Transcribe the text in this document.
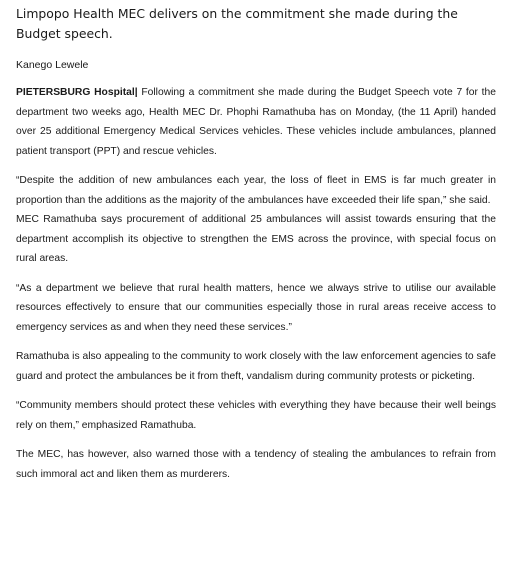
Limpopo Health MEC delivers on the commitment she made during the Budget speech.

Kanego Lewele

PIETERSBURG Hospital| Following a commitment she made during the Budget Speech vote 7 for the department two weeks ago, Health MEC Dr. Phophi Ramathuba has on Monday, (the 11 April) handed over 25 additional Emergency Medical Services vehicles. These vehicles include ambulances, planned patient transport (PPT) and rescue vehicles.

“Despite the addition of new ambulances each year, the loss of fleet in EMS is far much greater in proportion than the additions as the majority of the ambulances have exceeded their life span,” she said.

MEC Ramathuba says procurement of additional 25 ambulances will assist towards ensuring that the department accomplish its objective to strengthen the EMS across the province, with special focus on rural areas.

“As a department we believe that rural health matters, hence we always strive to utilise our available resources effectively to ensure that our communities especially those in rural areas receive access to emergency services as and when they need these services.”

Ramathuba is also appealing to the community to work closely with the law enforcement agencies to safe guard and protect the ambulances be it from theft, vandalism during community protests or picketing.

“Community members should protect these vehicles with everything they have because their well beings rely on them,” emphasized Ramathuba.

The MEC, has however, also warned those with a tendency of stealing the ambulances to refrain from such immoral act and liken them as murderers.
